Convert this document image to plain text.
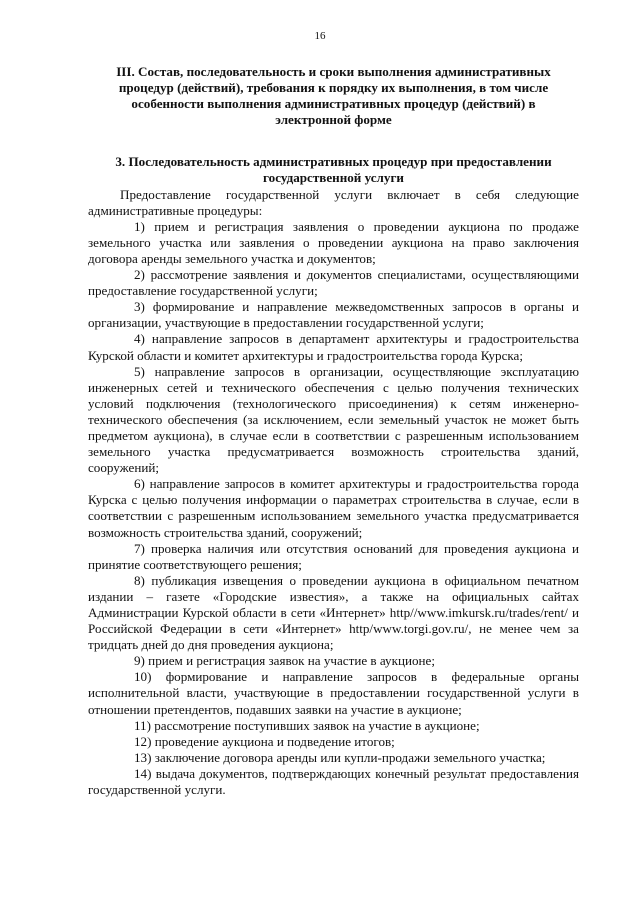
16

III. Состав, последовательность и сроки выполнения административных процедур (действий), требования к порядку их выполнения, в том числе особенности выполнения административных процедур (действий) в электронной форме

3. Последовательность административных процедур при предоставлении государственной услуги

Предоставление государственной услуги включает в себя следующие административные процедуры:

1) прием и регистрация заявления о проведении аукциона по продаже земельного участка или заявления о проведении аукциона на право заключения договора аренды земельного участка и документов;

2) рассмотрение заявления и документов специалистами, осуществляющими предоставление государственной услуги;

3) формирование и направление межведомственных запросов в органы и организации, участвующие в предоставлении государственной услуги;

4) направление запросов в департамент архитектуры и градостроительства Курской области и комитет архитектуры и градостроительства города Курска;

5) направление запросов в организации, осуществляющие эксплуатацию инженерных сетей и технического обеспечения с целью получения технических условий подключения (технологического присоединения) к сетям инженерно-технического обеспечения (за исключением, если земельный участок не может быть предметом аукциона), в случае если в соответствии с разрешенным использованием земельного участка предусматривается возможность строительства зданий, сооружений;

6) направление запросов в комитет архитектуры и градостроительства города Курска с целью получения информации о параметрах строительства в случае, если в соответствии с разрешенным использованием земельного участка предусматривается возможность строительства зданий, сооружений;

7) проверка наличия или отсутствия оснований для проведения аукциона и принятие соответствующего решения;

8) публикация извещения о проведении аукциона в официальном печатном издании – газете «Городские известия», а также на официальных сайтах Администрации Курской области в сети «Интернет» http//www.imkursk.ru/trades/rent/ и Российской Федерации в сети «Интернет» http/www.torgi.gov.ru/, не менее чем за тридцать дней до дня проведения аукциона;

9) прием и регистрация заявок на участие в аукционе;

10) формирование и направление запросов в федеральные органы исполнительной власти, участвующие в предоставлении государственной услуги в отношении претендентов, подавших заявки на участие в аукционе;

11) рассмотрение поступивших заявок на участие в аукционе;

12) проведение аукциона и подведение итогов;

13) заключение договора аренды или купли-продажи земельного участка;

14) выдача документов, подтверждающих конечный результат предоставления государственной услуги.
